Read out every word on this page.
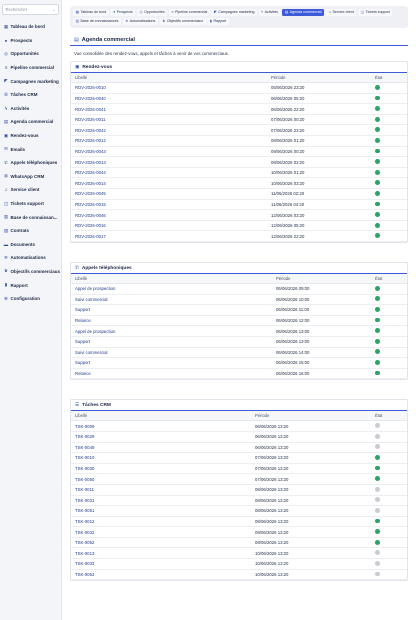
Rechercher	⌄
▦ Tableau de bord
● Prospects
◎ Opportunités
≡ Pipeline commercial
◤ Campagnes marketing
☰ Tâches CRM
ϟ Activités
▤ Agenda commercial
▣ Rendez-vous
✉ Emails
✆ Appels téléphoniques
◍ WhatsApp CRM
♫ Service client
◫ Tickets support
▥ Base de connaissan...
▧ Contrats
▬ Documents
✲ Automatisations
♛ Objectifs commerciaux
▮ Rapport
✻ Configuration
▦ Tableau de bord ● Prospects ◎ Opportunités ≡ Pipeline commercial ◤ Campagnes marketing ϟ Activités ▤ Agenda commercial ♫ Service client ◫ Tickets support
▥ Base de connaissances ✲ Automatisations ♛ Objectifs commerciaux ▮ Rapport
▤ Agenda commercial
Vue consolidée des rendez-vous, appels et tâches à venir de vos commerciaux.
▣ Rendez-vous
Libellé	Période	État
RDV-2026-0010	05/06/2026 23:20	
RDV-2026-0040	06/06/2026 05:20	
RDV-2026-0041	06/06/2026 22:20	
RDV-2026-0011	07/06/2026 00:20	
RDV-2026-0042	07/06/2026 23:20	
RDV-2026-0012	08/06/2026 01:20	
RDV-2026-0043	09/06/2026 00:20	
RDV-2026-0013	09/06/2026 02:20	
RDV-2026-0044	10/06/2026 01:20	
RDV-2026-0014	10/06/2026 03:20	
RDV-2026-0045	11/06/2026 02:20	
RDV-2026-0015	11/06/2026 04:20	
RDV-2026-0046	12/06/2026 03:20	
RDV-2026-0016	12/06/2026 05:20	
RDV-2026-0017	12/06/2026 22:20	
✆ Appels téléphoniques
Libellé	Période	État
Appel de prospection	06/06/2026 09:00	
Suivi commercial	06/06/2026 10:00	
Support	06/06/2026 11:00	
Relance	06/06/2026 12:00	
Appel de prospection	06/06/2026 13:00	
Support	06/06/2026 13:00	
Suivi commercial	06/06/2026 14:00	
Support	06/06/2026 15:00	
Relance	06/06/2026 16:00	
☰ Tâches CRM
Libellé	Période	État
TSK-0009	06/06/2026 13:20	
TSK-0029	06/06/2026 13:20	
TSK-0049	06/06/2026 13:20	
TSK-0010	07/06/2026 13:20	
TSK-0030	07/06/2026 13:20	
TSK-0050	07/06/2026 13:20	
TSK-0011	08/06/2026 13:20	
TSK-0031	08/06/2026 13:20	
TSK-0051	08/06/2026 13:20	
TSK-0012	09/06/2026 13:20	
TSK-0032	09/06/2026 13:20	
TSK-0052	09/06/2026 13:20	
TSK-0013	10/06/2026 13:20	
TSK-0033	10/06/2026 13:20	
TSK-0053	10/06/2026 13:20	
